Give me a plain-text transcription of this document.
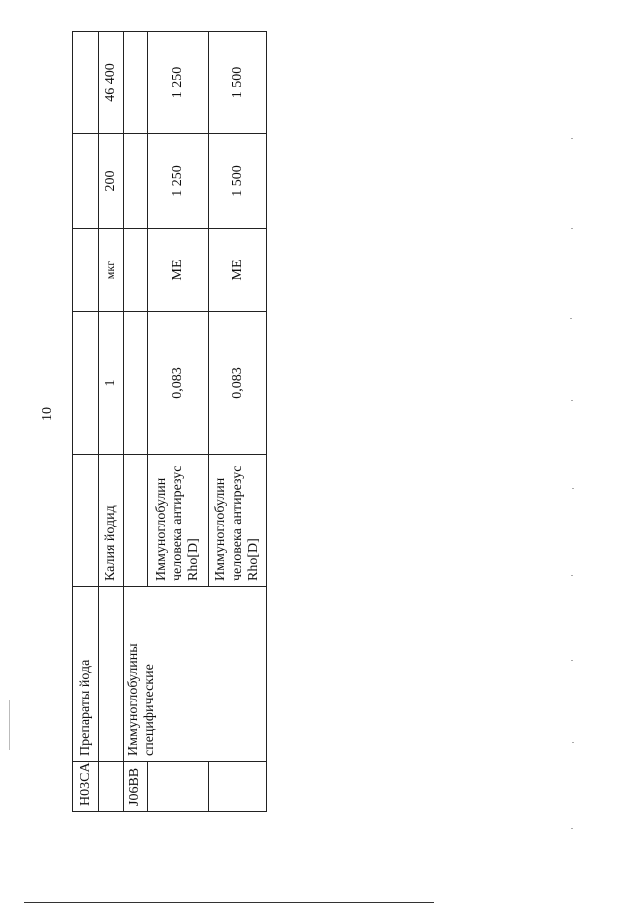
10
H03CA	Препараты йода					
		Калия йодид	1	мкг	200	46 400
J06BB	Иммуноглобулины специфические					
		Иммуноглобулин человека антирезус Rho[D]	0,083	МЕ	1 250	1 250
		Иммуноглобулин человека антирезус Rho[D]	0,083	МЕ	1 500	1 500
